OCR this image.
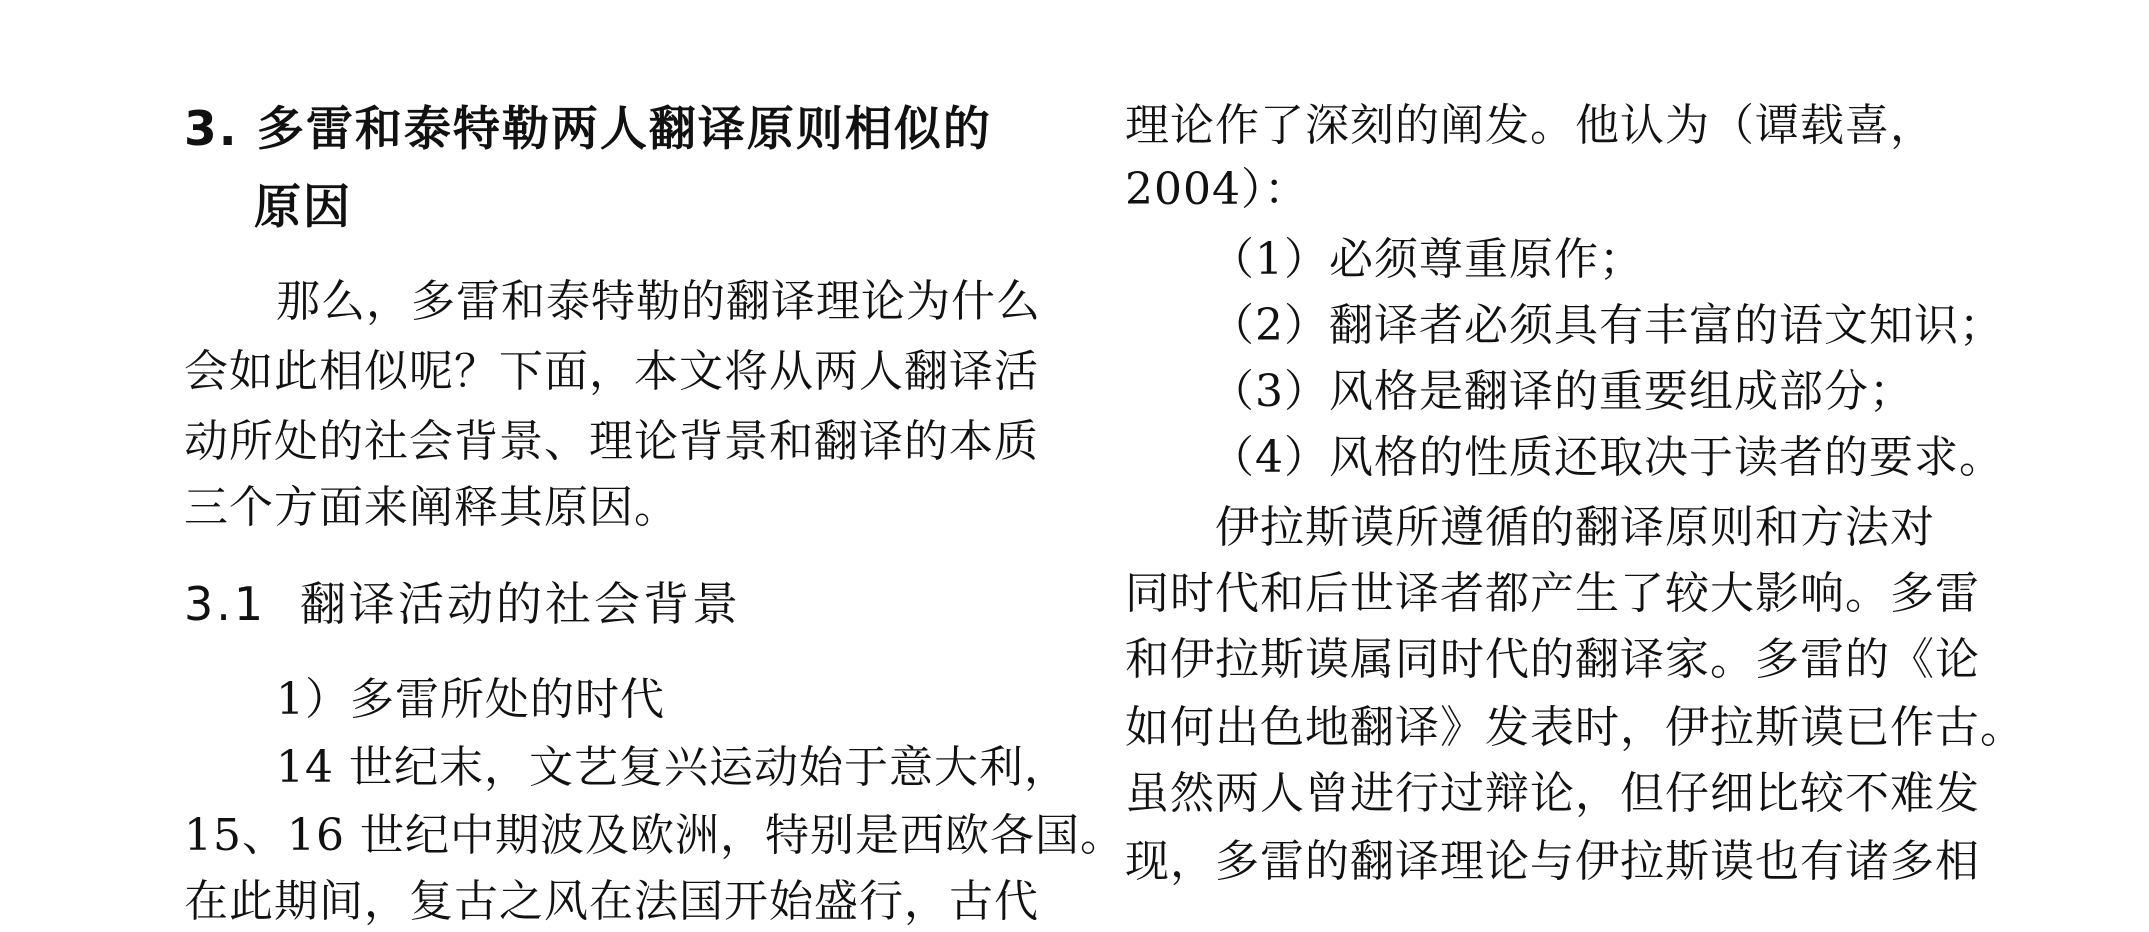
3. 多雷和泰特勒两人翻译原则相似的
原因
那么，多雷和泰特勒的翻译理论为什么
会如此相似呢？下面，本文将从两人翻译活
动所处的社会背景、理论背景和翻译的本质
三个方面来阐释其原因。
3.1 翻译活动的社会背景
1）多雷所处的时代
14 世纪末，文艺复兴运动始于意大利，
15、16 世纪中期波及欧洲，特别是西欧各国。
在此期间，复古之风在法国开始盛行，古代
理论作了深刻的阐发。他认为（谭载喜，
2004）：
（1）必须尊重原作；
（2）翻译者必须具有丰富的语文知识；
（3）风格是翻译的重要组成部分；
（4）风格的性质还取决于读者的要求。
伊拉斯谟所遵循的翻译原则和方法对
同时代和后世译者都产生了较大影响。多雷
和伊拉斯谟属同时代的翻译家。多雷的《论
如何出色地翻译》发表时，伊拉斯谟已作古。
虽然两人曾进行过辩论，但仔细比较不难发
现，多雷的翻译理论与伊拉斯谟也有诸多相
